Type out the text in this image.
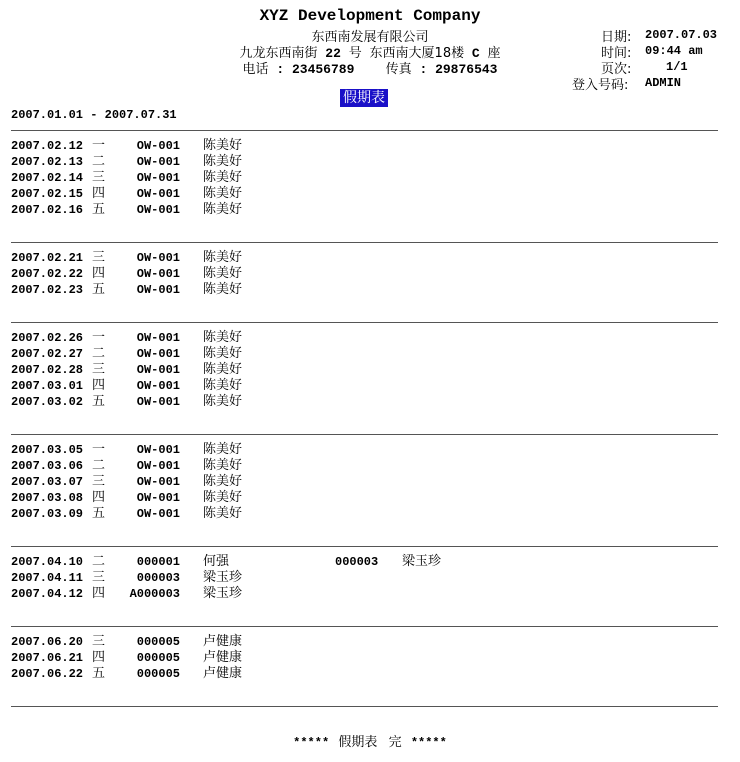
XYZ Development Company
东西南发展有限公司
九龙东西南街 22 号 东西南大厦18楼 C 座
电话 : 23456789 传真 : 29876543
日期: 2007.07.03
时间: 09:44 am
页次:	1/1
登入号码: ADMIN
假期表
2007.01.01 - 2007.07.31
2007.02.12 一	OW-001 陈美好
2007.02.13 二	OW-001 陈美好
2007.02.14 三	OW-001 陈美好
2007.02.15 四	OW-001 陈美好
2007.02.16 五	OW-001 陈美好
2007.02.21 三	OW-001 陈美好
2007.02.22 四	OW-001 陈美好
2007.02.23 五	OW-001 陈美好
2007.02.26 一	OW-001 陈美好
2007.02.27 二	OW-001 陈美好
2007.02.28 三	OW-001 陈美好
2007.03.01 四	OW-001 陈美好
2007.03.02 五	OW-001 陈美好
2007.03.05 一	OW-001 陈美好
2007.03.06 二	OW-001 陈美好
2007.03.07 三	OW-001 陈美好
2007.03.08 四	OW-001 陈美好
2007.03.09 五	OW-001 陈美好
2007.04.10 二	000001 何强	000003 梁玉珍
2007.04.11 三	000003 梁玉珍
2007.04.12 四 A000003 梁玉珍
2007.06.20 三	000005 卢健康
2007.06.21 四	000005 卢健康
2007.06.22 五	000005 卢健康
***** 假期表 完 *****
